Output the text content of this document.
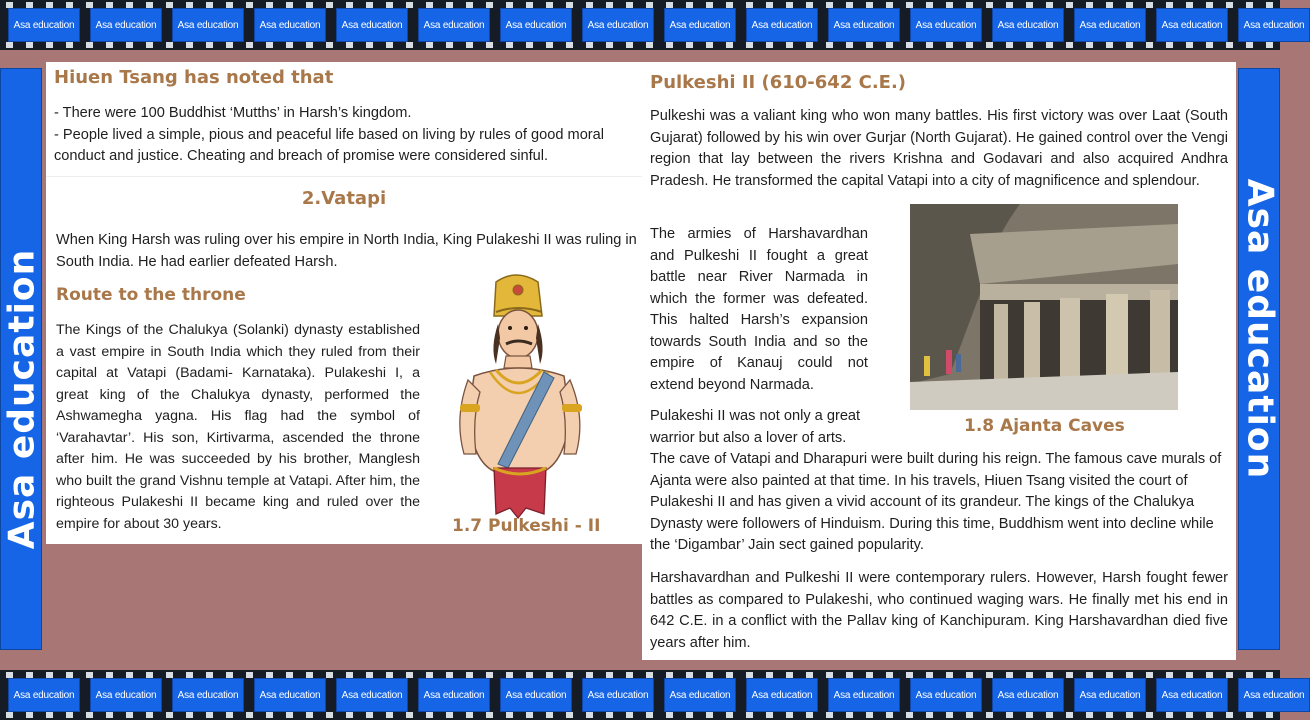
Asa education	Asa education	Asa education	Asa education	Asa education	Asa education	Asa education	Asa education	Asa education	Asa education	Asa education	Asa education	Asa education	Asa education	Asa education	Asa education
Asa education	Asa education
Hiuen Tsang has noted that
- There were 100 Buddhist ‘Mutths’ in Harsh’s kingdom.
- People lived a simple, pious and peaceful life based on living by rules of good moral conduct and justice. Cheating and breach of promise were considered sinful.
2.Vatapi
When King Harsh was ruling over his empire in North India, King Pulakeshi II was ruling in South India. He had earlier defeated Harsh.
Route to the throne
The Kings of the Chalukya (Solanki) dynasty established a vast empire in South India which they ruled from their capital at Vatapi (Badami- Karnataka). Pulakeshi I, a great king of the Chalukya dynasty, performed the Ashwamegha yagna. His flag had the symbol of ‘Varahavtar’. His son, Kirtivarma, ascended the throne after him. He was succeeded by his brother, Manglesh who built the grand Vishnu temple at Vatapi. After him, the righteous Pulakeshi II became king and ruled over the empire for about 30 years.	1.7 Pulkeshi - II
Pulkeshi II (610-642 C.E.)
Pulkeshi was a valiant king who won many battles. His first victory was over Laat (South Gujarat) followed by his win over Gurjar (North Gujarat). He gained control over the Vengi region that lay between the rivers Krishna and Godavari and also acquired Andhra Pradesh. He transformed the capital Vatapi into a city of magnificence and splendour.
The armies of Harshavardhan and Pulkeshi II fought a great battle near River Narmada in which the former was defeated. This halted Harsh’s expansion towards South India and so the empire of Kanauj could not extend beyond Narmada.
Pulakeshi II was not only a great warrior but also a lover of arts.
The cave of Vatapi and Dharapuri were built during his reign. The famous cave murals of Ajanta were also painted at that time. In his travels, Hiuen Tsang visited the court of Pulakeshi II and has given a vivid account of its grandeur. The kings of the Chalukya Dynasty were followers of Hinduism. During this time, Buddhism went into decline while the ‘Digambar’ Jain sect gained popularity.
Harshavardhan and Pulkeshi II were contemporary rulers. However, Harsh fought fewer battles as compared to Pulakeshi, who continued waging wars. He finally met his end in 642 C.E. in a conflict with the Pallav king of Kanchipuram. King Harshavardhan died five years after him.
1.8 Ajanta Caves
Asa education	Asa education	Asa education	Asa education	Asa education	Asa education	Asa education	Asa education	Asa education	Asa education	Asa education	Asa education	Asa education	Asa education	Asa education	Asa education
